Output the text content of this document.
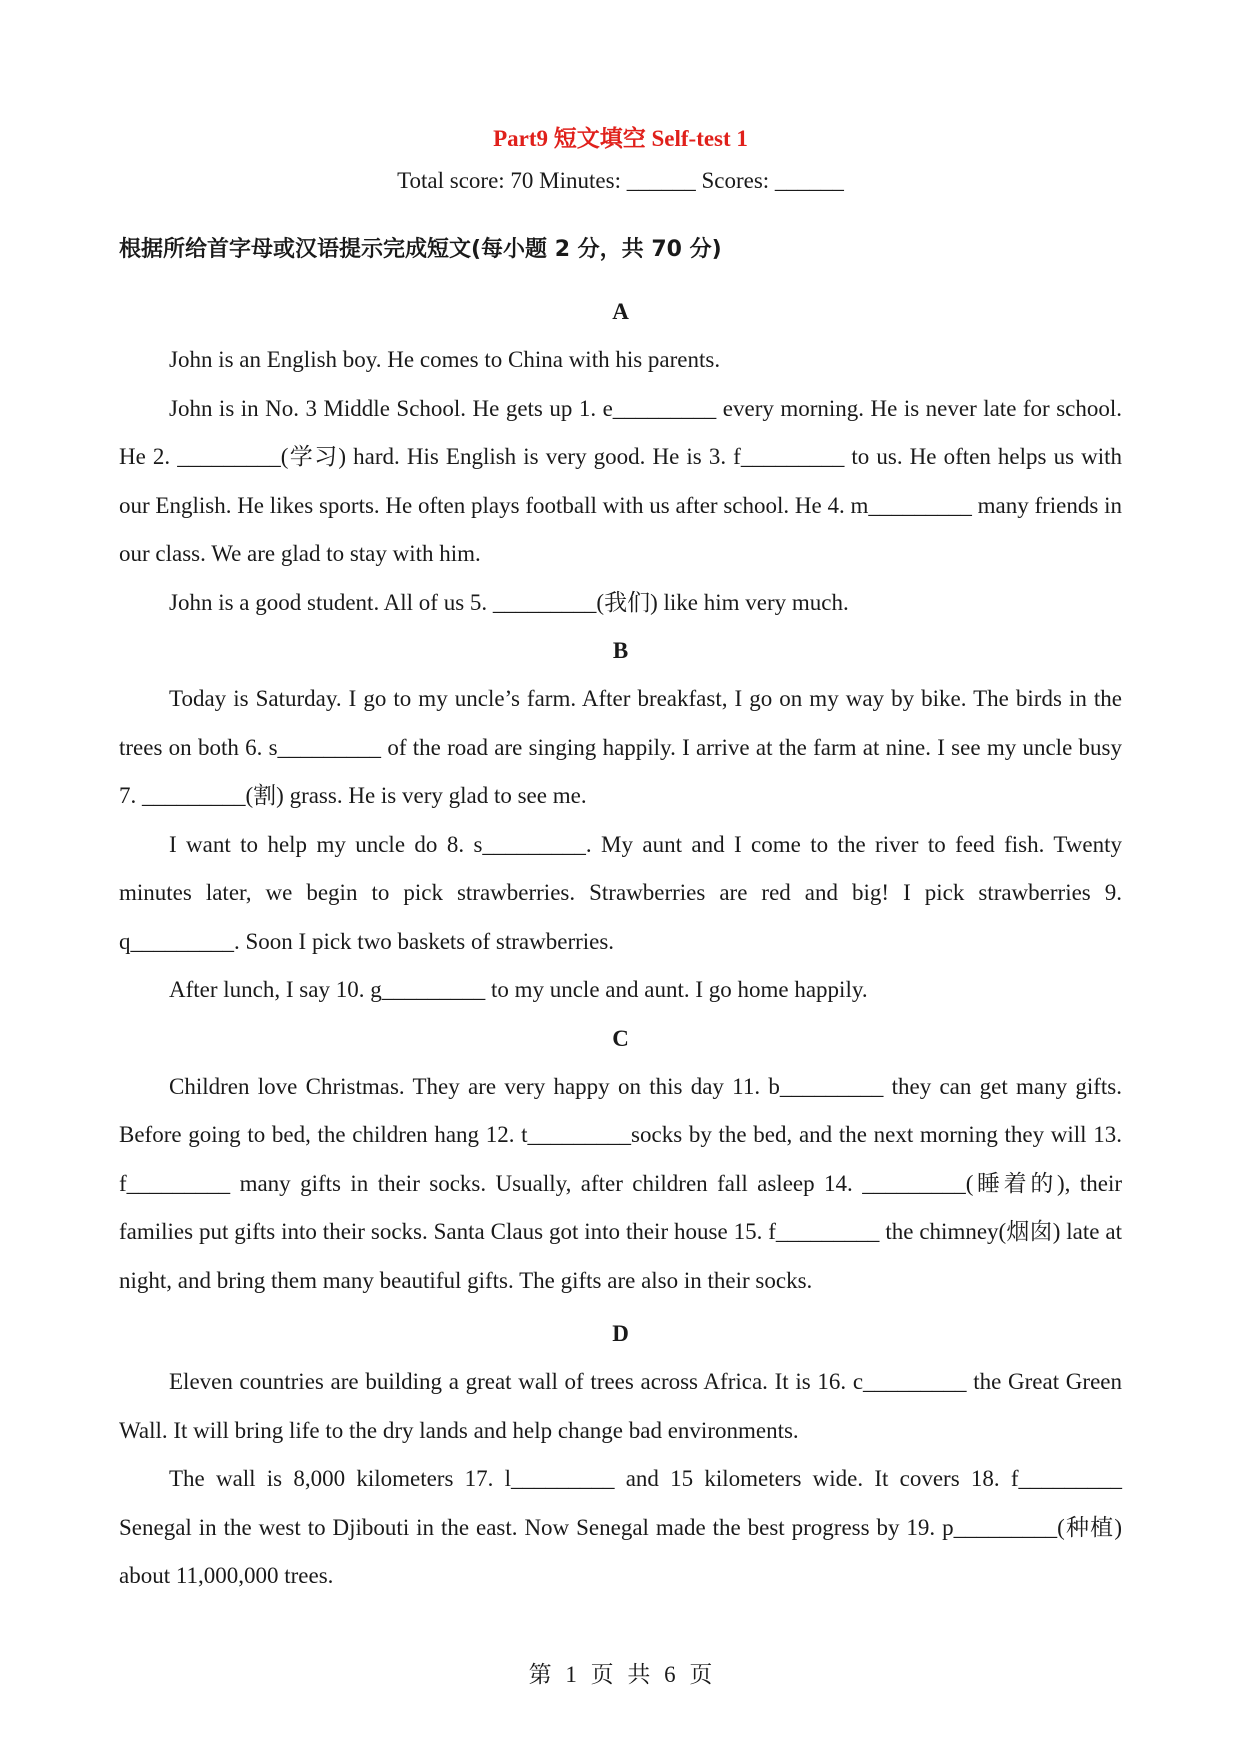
Part9 短文填空 Self-test 1
Total score: 70 Minutes: ______ Scores: ______
根据所给首字母或汉语提示完成短文(每小题 2 分，共 70 分)
A
John is an English boy. He comes to China with his parents.
John is in No. 3 Middle School. He gets up 1. e_________ every morning. He is never late for school. He 2. _________(学习) hard. His English is very good. He is 3. f_________ to us. He often helps us with our English. He likes sports. He often plays football with us after school. He 4. m_________ many friends in our class. We are glad to stay with him.
John is a good student. All of us 5. _________(我们) like him very much.
B
Today is Saturday. I go to my uncle’s farm. After breakfast, I go on my way by bike. The birds in the trees on both 6. s_________ of the road are singing happily. I arrive at the farm at nine. I see my uncle busy 7. _________(割) grass. He is very glad to see me.
I want to help my uncle do 8. s_________. My aunt and I come to the river to feed fish. Twenty minutes later, we begin to pick strawberries. Strawberries are red and big! I pick strawberries 9. q_________. Soon I pick two baskets of strawberries.
After lunch, I say 10. g_________ to my uncle and aunt. I go home happily.
C
Children love Christmas. They are very happy on this day 11. b_________ they can get many gifts. Before going to bed, the children hang 12. t_________socks by the bed, and the next morning they will 13. f_________ many gifts in their socks. Usually, after children fall asleep 14. _________(睡着的), their families put gifts into their socks. Santa Claus got into their house 15. f_________ the chimney(烟囱) late at night, and bring them many beautiful gifts. The gifts are also in their socks.
D
Eleven countries are building a great wall of trees across Africa. It is 16. c_________ the Great Green Wall. It will bring life to the dry lands and help change bad environments.
The wall is 8,000 kilometers 17. l_________ and 15 kilometers wide. It covers 18. f_________ Senegal in the west to Djibouti in the east. Now Senegal made the best progress by 19. p_________(种植) about 11,000,000 trees.
第 1 页 共 6 页
